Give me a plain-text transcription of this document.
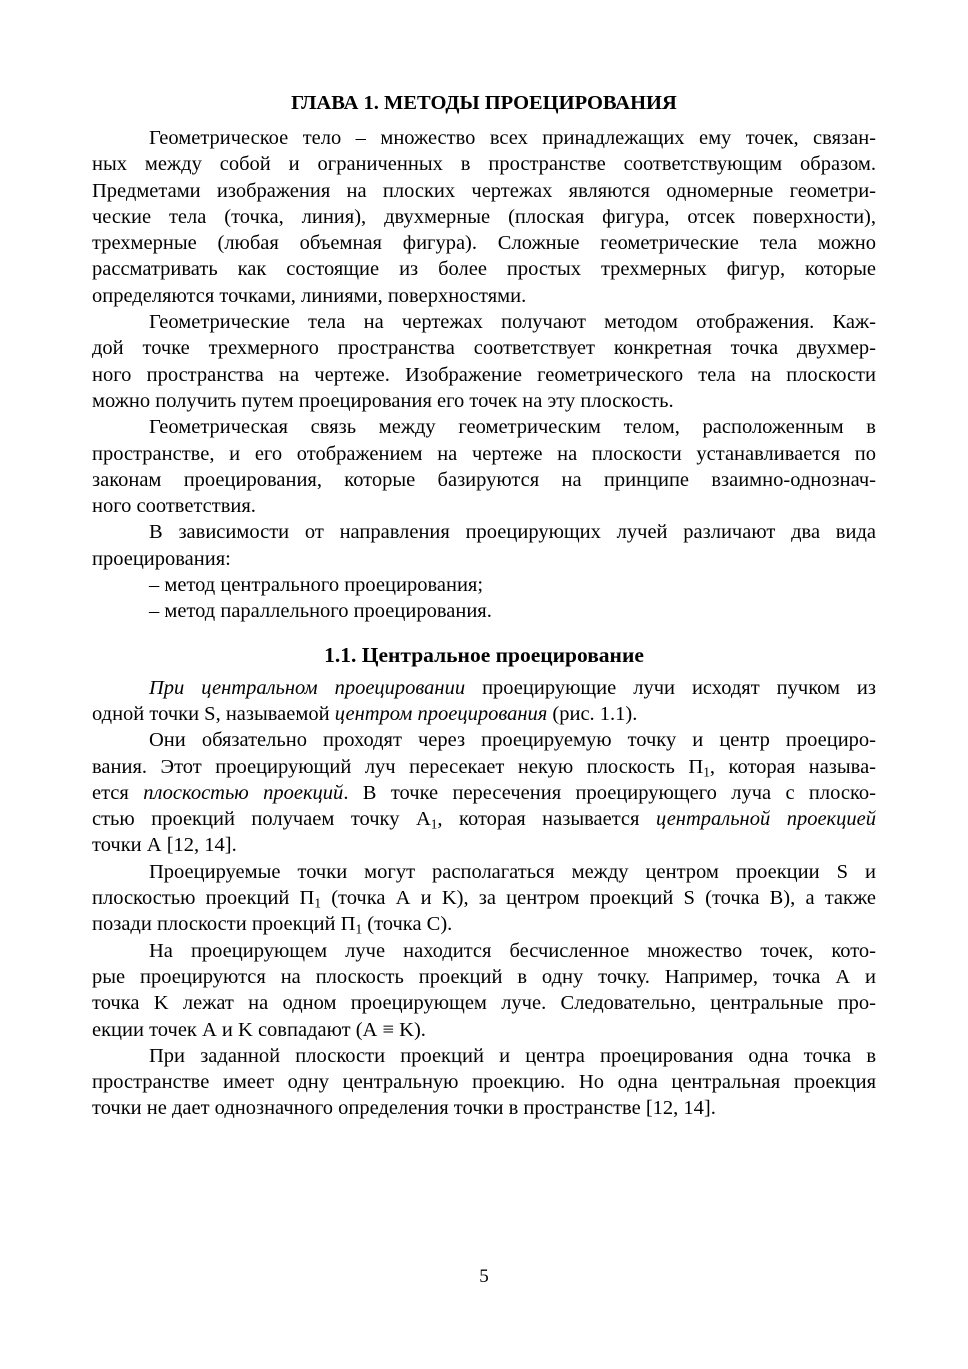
ГЛАВА 1. МЕТОДЫ ПРОЕЦИРОВАНИЯ

Геометрическое тело – множество всех принадлежащих ему точек, связан-
ных между собой и ограниченных в пространстве соответствующим образом.
Предметами изображения на плоских чертежах являются одномерные геометри-
ческие тела (точка, линия), двухмерные (плоская фигура, отсек поверхности),
трехмерные (любая объемная фигура). Сложные геометрические тела можно
рассматривать как состоящие из более простых трехмерных фигур, которые
определяются точками, линиями, поверхностями.

Геометрические тела на чертежах получают методом отображения. Каж-
дой точке трехмерного пространства соответствует конкретная точка двухмер-
ного пространства на чертеже. Изображение геометрического тела на плоскости
можно получить путем проецирования его точек на эту плоскость.

Геометрическая связь между геометрическим телом, расположенным в
пространстве, и его отображением на чертеже на плоскости устанавливается по
законам проецирования, которые базируются на принципе взаимно-однознач-
ного соответствия.

В зависимости от направления проецирующих лучей различают два вида
проецирования:

– метод центрального проецирования;

– метод параллельного проецирования.

1.1. Центральное проецирование

При центральном проецировании проецирующие лучи исходят пучком из
одной точки S, называемой центром проецирования (рис. 1.1).

Они обязательно проходят через проецируемую точку и центр проециро-
вания. Этот проецирующий луч пересекает некую плоскость $П_1$, которая называ-
ется плоскостью проекций. В точке пересечения проецирующего луча с плоско-
стью проекций получаем точку $А_1$, которая называется центральной проекцией
точки А [12, 14].

Проецируемые точки могут располагаться между центром проекции S и
плоскостью проекций $П_1$ (точка А и K), за центром проекций S (точка B), а также
позади плоскости проекций $П_1$ (точка C).

На проецирующем луче находится бесчисленное множество точек, кото-
рые проецируются на плоскость проекций в одну точку. Например, точка А и
точка K лежат на одном проецирующем луче. Следовательно, центральные про-
екции точек А и K совпадают (А ≡ K).

При заданной плоскости проекций и центра проецирования одна точка в
пространстве имеет одну центральную проекцию. Но одна центральная проекция
точки не дает однозначного определения точки в пространстве [12, 14].

5
